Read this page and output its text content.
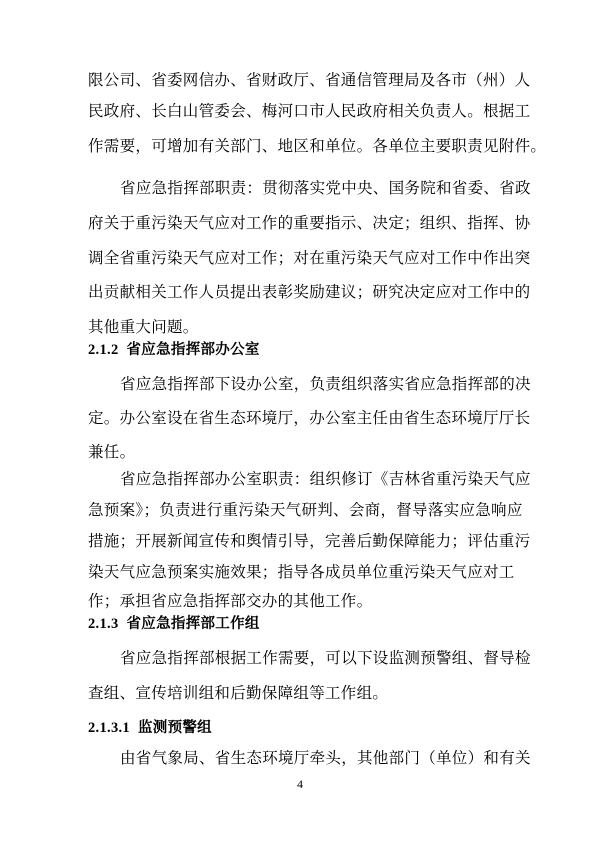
限公司、省委网信办、省财政厅、省通信管理局及各市（州）人
民政府、长白山管委会、梅河口市人民政府相关负责人。根据工
作需要，可增加有关部门、地区和单位。各单位主要职责见附件。
省应急指挥部职责：贯彻落实党中央、国务院和省委、省政
府关于重污染天气应对工作的重要指示、决定；组织、指挥、协
调全省重污染天气应对工作；对在重污染天气应对工作中作出突
出贡献相关工作人员提出表彰奖励建议；研究决定应对工作中的
其他重大问题。
2.1.2 省应急指挥部办公室
省应急指挥部下设办公室，负责组织落实省应急指挥部的决
定。办公室设在省生态环境厅，办公室主任由省生态环境厅厅长
兼任。
省应急指挥部办公室职责：组织修订《吉林省重污染天气应
急预案》；负责进行重污染天气研判、会商，督导落实应急响应
措施；开展新闻宣传和舆情引导，完善后勤保障能力；评估重污
染天气应急预案实施效果；指导各成员单位重污染天气应对工
作；承担省应急指挥部交办的其他工作。
2.1.3 省应急指挥部工作组
省应急指挥部根据工作需要，可以下设监测预警组、督导检
查组、宣传培训组和后勤保障组等工作组。
2.1.3.1 监测预警组
由省气象局、省生态环境厅牵头，其他部门（单位）和有关
4
